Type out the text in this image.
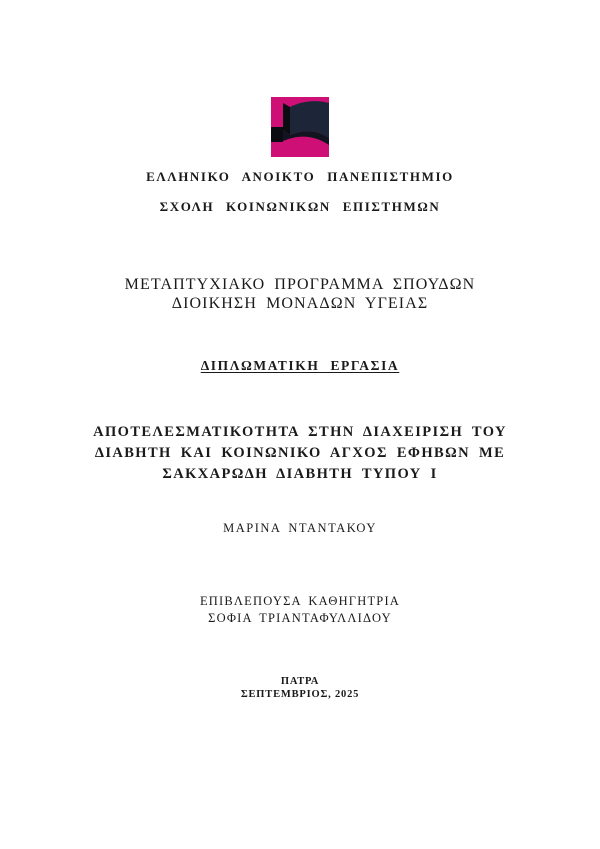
ΕΛΛΗΝΙΚΟ ΑΝΟΙΚΤΟ ΠΑΝΕΠΙΣΤΗΜΙΟ
ΣΧΟΛΗ ΚΟΙΝΩΝΙΚΩΝ ΕΠΙΣΤΗΜΩΝ
ΜΕΤΑΠΤΥΧΙΑΚΟ ΠΡΟΓΡΑΜΜΑ ΣΠΟΥΔΩΝ
ΔΙΟΙΚΗΣΗ ΜΟΝΑΔΩΝ ΥΓΕΙΑΣ
ΔΙΠΛΩΜΑΤΙΚΗ ΕΡΓΑΣΙΑ
ΑΠΟΤΕΛΕΣΜΑΤΙΚΟΤΗΤΑ ΣΤΗΝ ΔΙΑΧΕΙΡΙΣΗ ΤΟΥ
ΔΙΑΒΗΤΗ ΚΑΙ ΚΟΙΝΩΝΙΚΟ ΑΓΧΟΣ ΕΦΗΒΩΝ ΜΕ
ΣΑΚΧΑΡΩΔΗ ΔΙΑΒΗΤΗ ΤΥΠΟΥ Ι
ΜΑΡΙΝΑ ΝΤΑΝΤΑΚΟΥ
ΕΠΙΒΛΕΠΟΥΣΑ ΚΑΘΗΓΗΤΡΙΑ
ΣΟΦΙΑ ΤΡΙΑΝΤΑΦΥΛΛΙΔΟΥ
ΠΑΤΡΑ
ΣΕΠΤΕΜΒΡΙΟΣ, 2025
